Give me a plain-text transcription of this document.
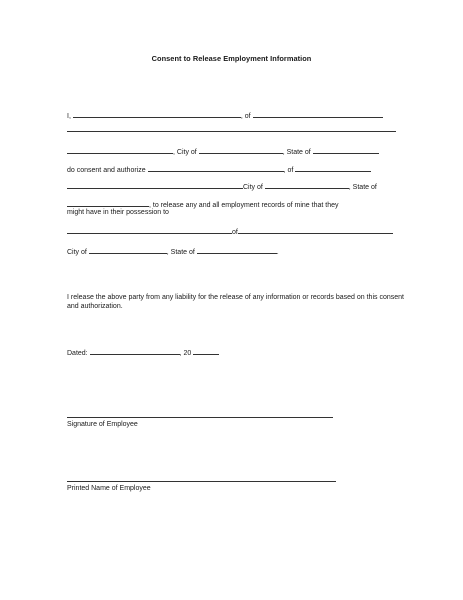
Consent to Release Employment Information
I,	, of
, City of	, State of
do consent and authorize	, of
City of	, State of
, to release any and all employment records of mine that they
might have in their possession to
of
City of	, State of	.
I release the above party from any liability for the release of any information or records based on this consent and authorization.
Dated:	, 20
Signature of Employee
Printed Name of Employee
